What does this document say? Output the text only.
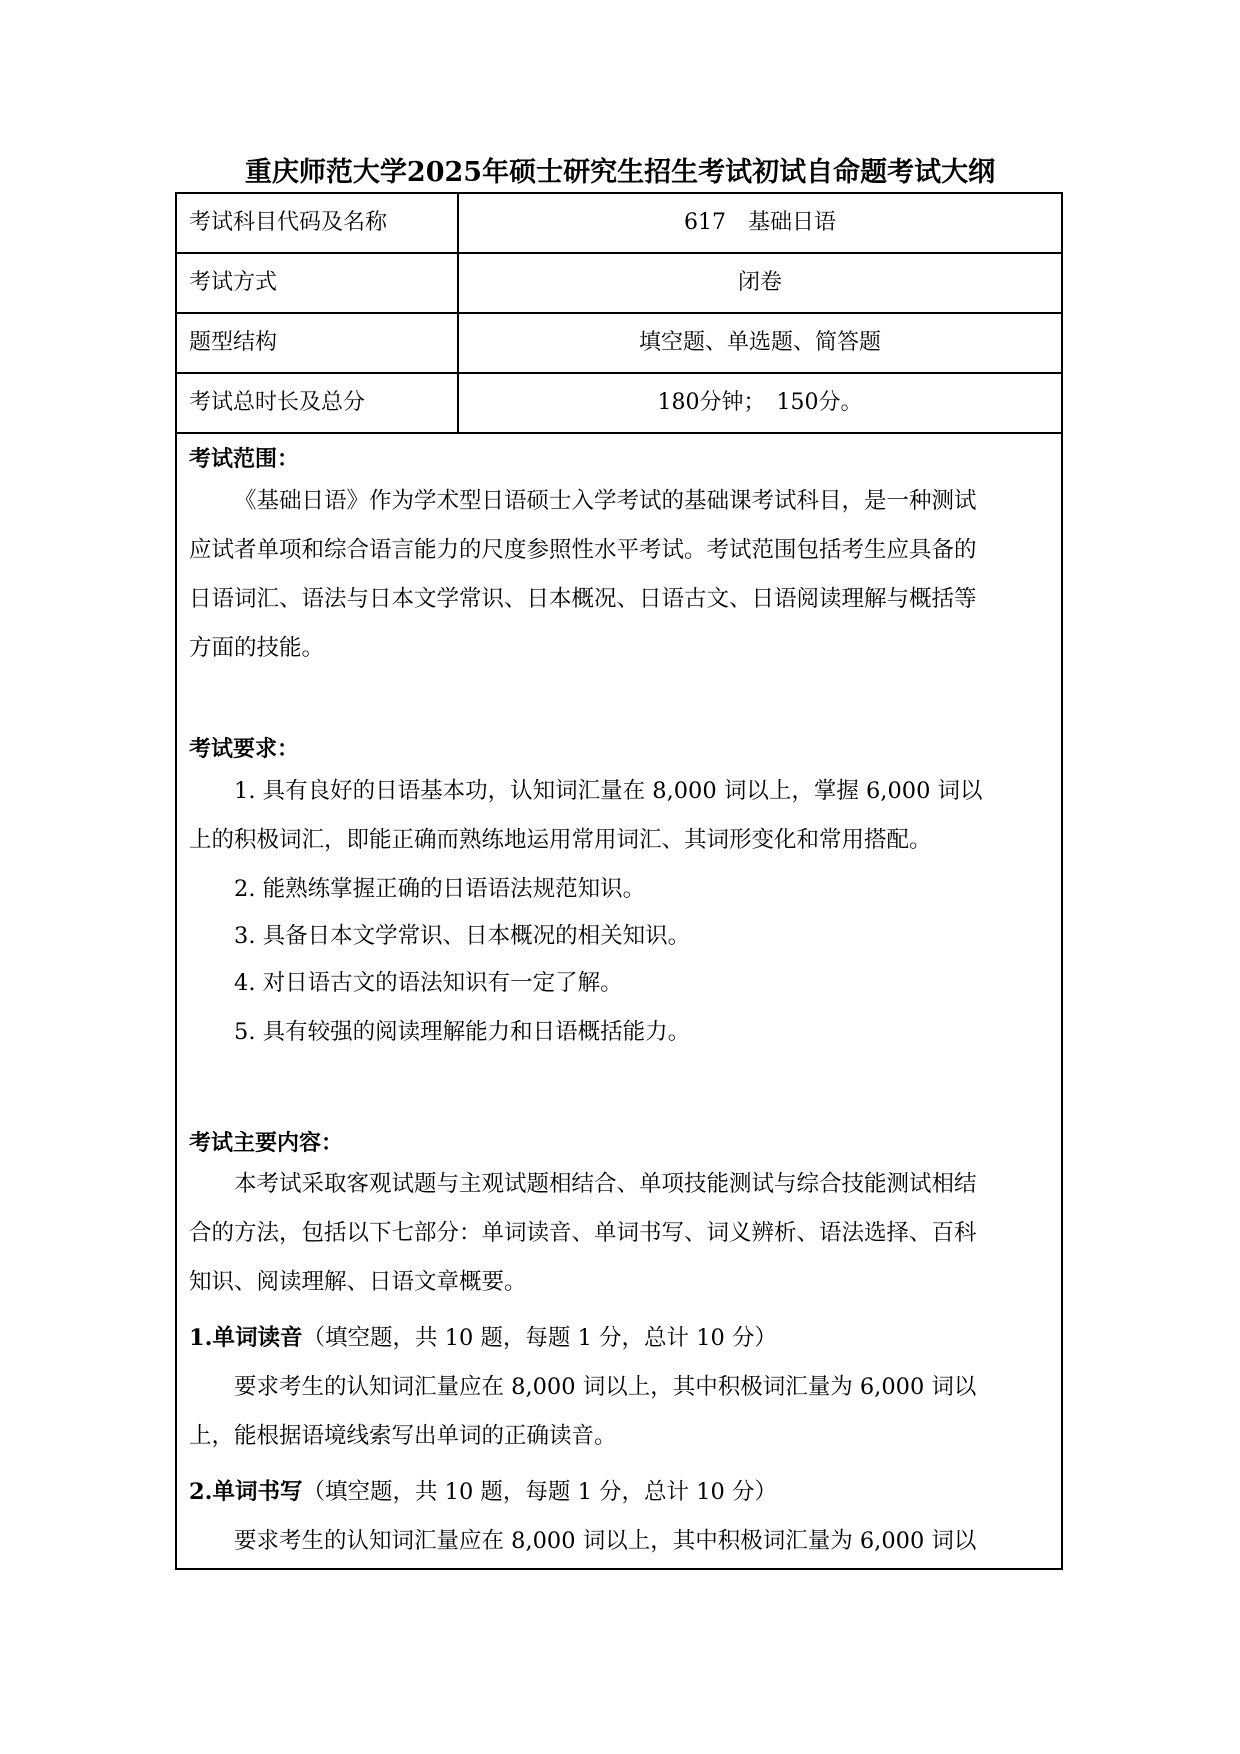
重庆师范大学2025年硕士研究生招生考试初试自命题考试大纲
考试科目代码及名称	617　基础日语
考试方式	闭卷
题型结构	填空题、单选题、简答题
考试总时长及总分	180分钟；　150分。
考试范围：
《基础日语》作为学术型日语硕士入学考试的基础课考试科目，是一种测试
应试者单项和综合语言能力的尺度参照性水平考试。考试范围包括考生应具备的
日语词汇、语法与日本文学常识、日本概况、日语古文、日语阅读理解与概括等
方面的技能。
考试要求：
1. 具有良好的日语基本功，认知词汇量在 8,000 词以上，掌握 6,000 词以
上的积极词汇，即能正确而熟练地运用常用词汇、其词形变化和常用搭配。
2. 能熟练掌握正确的日语语法规范知识。
3. 具备日本文学常识、日本概况的相关知识。
4. 对日语古文的语法知识有一定了解。
5. 具有较强的阅读理解能力和日语概括能力。
考试主要内容：
本考试采取客观试题与主观试题相结合、单项技能测试与综合技能测试相结
合的方法，包括以下七部分：单词读音、单词书写、词义辨析、语法选择、百科
知识、阅读理解、日语文章概要。
1.单词读音（填空题，共 10 题，每题 1 分，总计 10 分）
要求考生的认知词汇量应在 8,000 词以上，其中积极词汇量为 6,000 词以
上，能根据语境线索写出单词的正确读音。
2.单词书写（填空题，共 10 题，每题 1 分，总计 10 分）
要求考生的认知词汇量应在 8,000 词以上，其中积极词汇量为 6,000 词以
